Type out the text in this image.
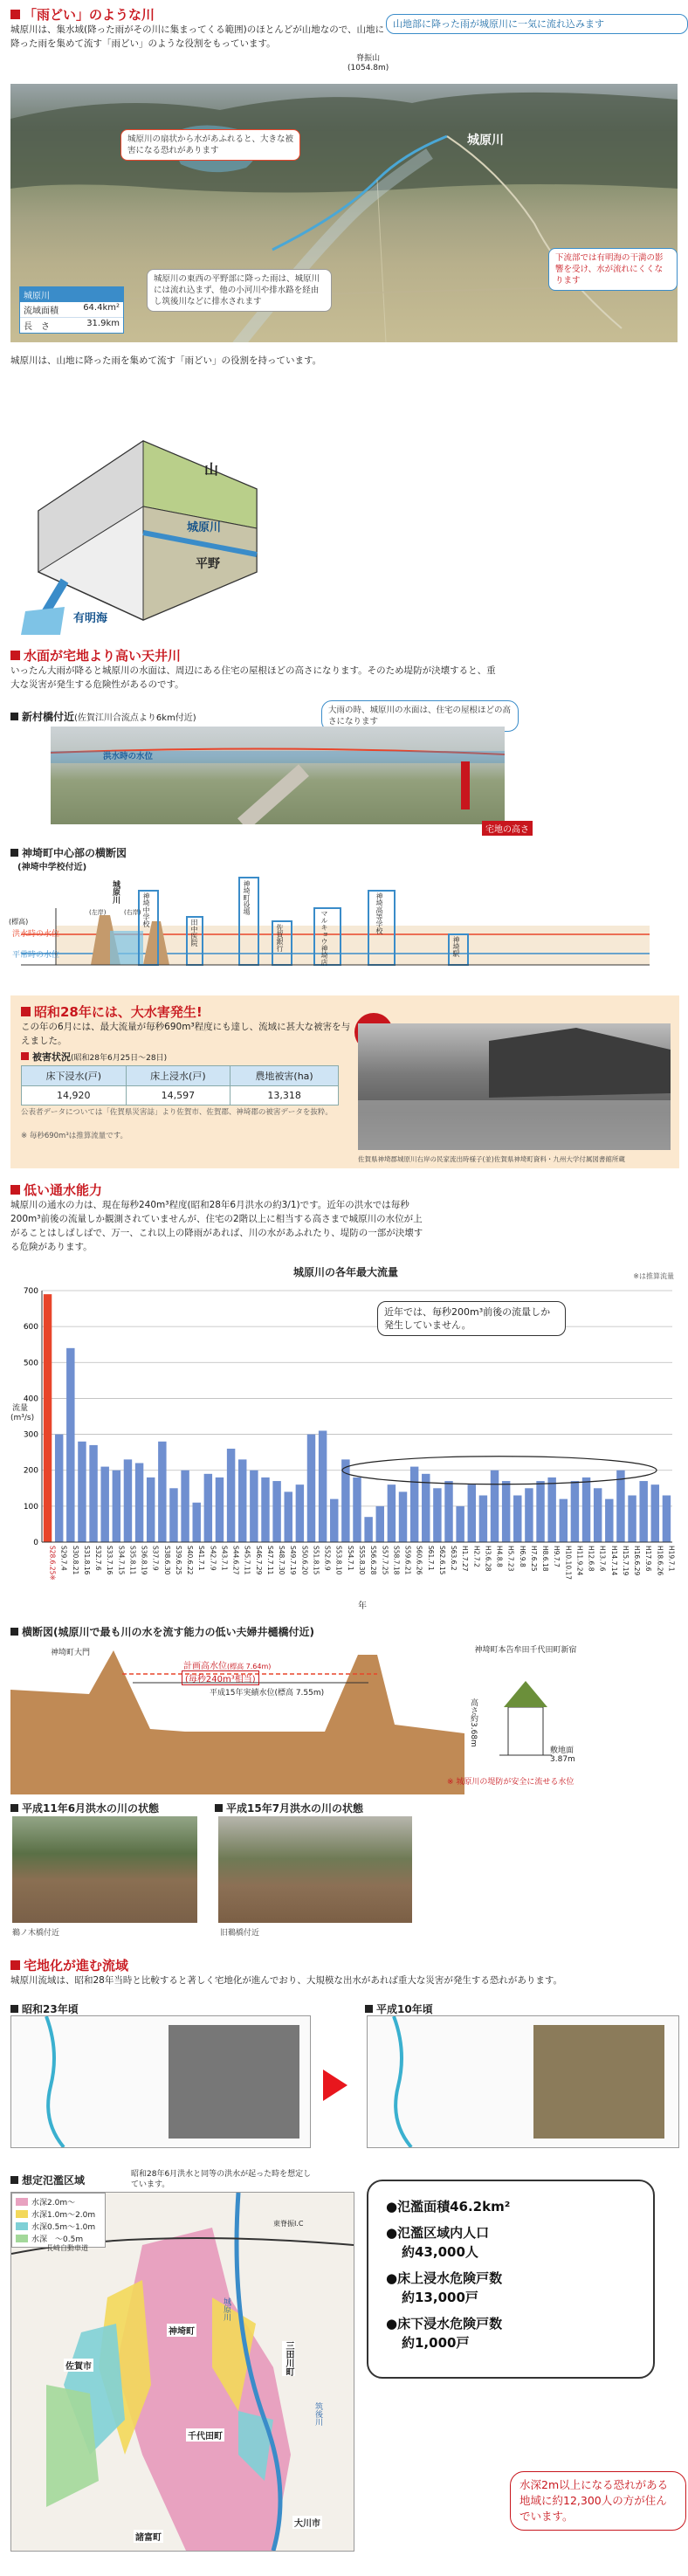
「雨どい」のような川
城原川は、集水域(降った雨がその川に集まってくる範囲)のほとんどが山地なので、山地に降った雨を集めて流す「雨どい」のような役割をもっています。
山地部に降った雨が城原川に一気に流れ込みます
脊振山
(1054.8m)
城原川の扇状から水があふれると、大きな被害になる恐れがあります
城原川の東西の平野部に降った雨は、城原川には流れ込まず、他の小河川や排水路を経由し筑後川などに排水されます
下流部では有明海の干満の影響を受け、水が流れにくくなります
城原川
城原川
流域面積	64.4km²
長　さ	31.9km
城原川は、山地に降った雨を集めて流す「雨どい」の役割を持っています。
山
城原川
平野
有明海
水面が宅地より高い天井川
いったん大雨が降ると城原川の水面は、周辺にある住宅の屋根ほどの高さになります。そのため堤防が決壊すると、重大な災害が発生する危険性があるのです。
新村橋付近(佐賀江川合流点より6km付近)
大雨の時、城原川の水面は、住宅の屋根ほどの高さになります
洪水時の水位
宅地の高さ
神埼町中心部の横断図
(神埼中学校付近)
(標高)
洪水時の水位
平常時の水位
城原川
(左岸)	(右岸) 神埼中学校
田中医院
神埼町役場
佐賀銀行	マルキョウ神埼店	神埼高等学校
神埼駅
昭和28年には、大水害発生!
この年の6月には、最大流量が毎秒690m³程度にも達し、流域に甚大な被害を与えました。
被害状況(昭和28年6月25日〜28日)
床下浸水(戸)	床上浸水(戸)	農地被害(ha)
14,920	14,597	13,318
公表者データについては「佐賀県災害誌」より佐賀市、佐賀郡、神埼郡の被害データを抜粋。
※ 毎秒690m³は推算流量です。
佐賀県神埼郡城原川右岸の民家流出時様子(並)佐賀県神埼町資料・九州大学付属図書館所蔵
低い通水能力
城原川の通水の力は、現在毎秒240m³程度(昭和28年6月洪水の約3/1)です。近年の洪水では毎秒200m³前後の流量しか観測されていませんが、住宅の2階以上に相当する高さまで城原川の水位が上がることはしばしばで、万一、これ以上の降雨があれば、川の水があふれたり、堤防の一部が決壊する危険があります。
城原川の各年最大流量	※は推算流量
流量(m³/s)
0
100
200
300
400
500
600
700
S28.6.25※ S29.7.4 S30.8.21 S31.8.16 S32.7.6 S33.7.16 S34.7.15 S35.8.11 S36.8.19 S37.7.9 S38.6.30 S39.6.25 S40.6.22 S41.7.1 S42.7.9 S43.7.1 S44.6.27 S45.7.11 S46.7.29 S47.7.11 S48.7.30 S49.7.19 S50.6.20 S51.8.15 S52.6.9 S53.8.10 S54.7.1 S55.8.30 S56.6.28 S57.7.25 S58.7.18 S59.6.21 S60.6.26 S61.7.1 S62.6.15 S63.6.2 H1.7.27 H2.7.2 H3.6.28 H4.8.8 H5.7.23 H6.9.8 H7.6.25 H8.6.18 H9.7.7 H10.10.17 H11.9.24 H12.6.8 H13.7.6 H14.7.14 H15.7.19 H16.6.29 H17.9.6 H18.6.26 H19.7.1
近年では、毎秒200m³前後の流量しか発生していません。
年
横断図(城原川で最も川の水を流す能力の低い夫婦井樋橋付近)
神埼町大門	神埼町本告牟田千代田町新宿
計画高水位(標高 7.64m)
(毎秒240m³相当)
平成15年実績水位(標高 7.55m)
高さ約3.68m
敷地面3.87m
※ 城原川の堤防が安全に流せる水位
平成11年6月洪水の川の状態
鵜ノ木橋付近
平成15年7月洪水の川の状態
旧鵜橋付近
宅地化が進む流域
城原川流域は、昭和28年当時と比較すると著しく宅地化が進んでおり、大規模な出水があれば重大な災害が発生する恐れがあります。
昭和23年頃	平成10年頃
想定氾濫区域	昭和28年6月洪水と同等の洪水が起った時を想定しています。
水深2.0m〜
水深1.0m〜2.0m
水深0.5m〜1.0m
水深　〜0.5m
神埼町
三田川町
千代田町
佐賀市
諸富町
大川市
城原川
筑後川
長崎自動車道
東脊振I.C
●氾濫面積46.2km²
●氾濫区域内人口
約43,000人
●床上浸水危険戸数
約13,000戸
●床下浸水危険戸数
約1,000戸
水深2m以上になる恐れがある地域に約12,300人の方が住んでいます。
